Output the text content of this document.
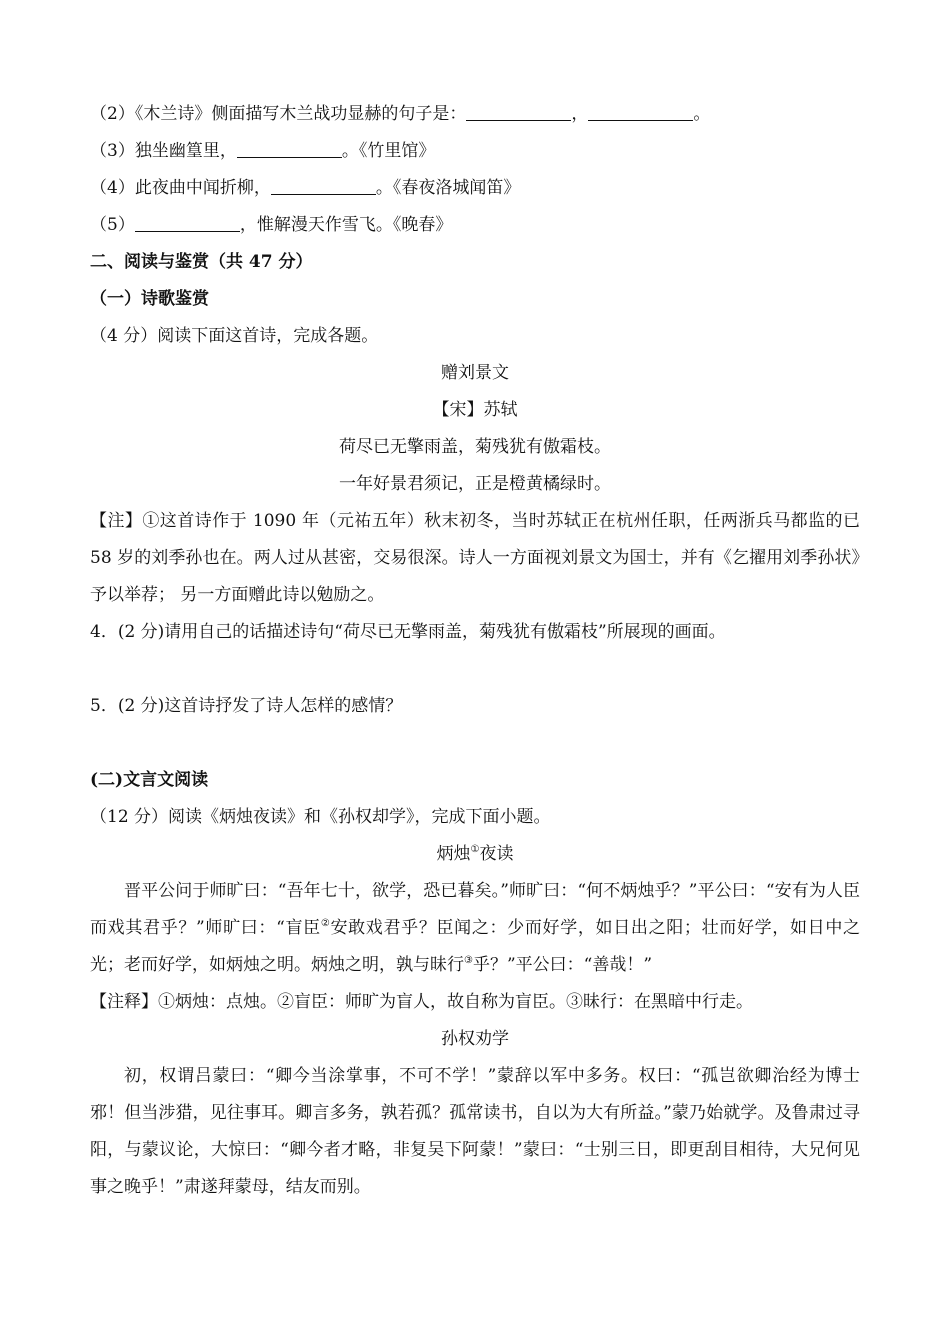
（2）《木兰诗》侧面描写木兰战功显赫的句子是：	，	。
（3）独坐幽篁里，	。《竹里馆》
（4）此夜曲中闻折柳，	。《春夜洛城闻笛》
（5）	，惟解漫天作雪飞。《晚春》
二、阅读与鉴赏（共 47 分）
（一）诗歌鉴赏
（4 分）阅读下面这首诗，完成各题。
赠刘景文
【宋】苏轼
荷尽已无擎雨盖，菊残犹有傲霜枝。
一年好景君须记，正是橙黄橘绿时。
【注】①这首诗作于 1090 年（元祐五年）秋末初冬，当时苏轼正在杭州任职，任两浙兵马都监的已 58 岁的刘季孙也在。两人过从甚密，交易很深。诗人一方面视刘景文为国士，并有《乞擢用刘季孙状》予以举荐； 另一方面赠此诗以勉励之。
4．(2 分)请用自己的话描述诗句“荷尽已无擎雨盖，菊残犹有傲霜枝”所展现的画面。
5．(2 分)这首诗抒发了诗人怎样的感情？
(二)文言文阅读
（12 分）阅读《炳烛夜读》和《孙权却学》，完成下面小题。
炳烛①夜读
晋平公问于师旷曰：“吾年七十，欲学，恐已暮矣。”师旷曰：“何不炳烛乎？”平公曰：“安有为人臣而戏其君乎？”师旷曰：“盲臣②安敢戏君乎？臣闻之：少而好学，如日出之阳；壮而好学，如日中之光；老而好学，如炳烛之明。炳烛之明，孰与昧行③乎？”平公曰：“善哉！”
【注释】①炳烛：点烛。②盲臣：师旷为盲人，故自称为盲臣。③昧行：在黑暗中行走。
孙权劝学
初，权谓吕蒙曰：“卿今当涂掌事，不可不学！”蒙辞以军中多务。权曰：“孤岂欲卿治经为博士邪！但当涉猎，见往事耳。卿言多务，孰若孤？孤常读书，自以为大有所益。”蒙乃始就学。及鲁肃过寻阳，与蒙议论，大惊曰：“卿今者才略，非复吴下阿蒙！”蒙曰：“士别三日，即更刮目相待，大兄何见事之晚乎！”肃遂拜蒙母，结友而别。
